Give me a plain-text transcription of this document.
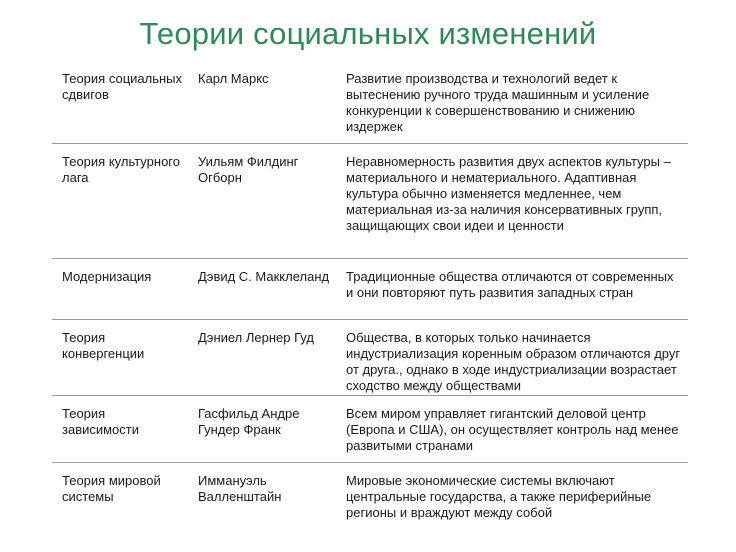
Теории социальных изменений
Теория социальных сдвигов	Карл Маркс	Развитие производства и технологий ведет к вытеснению ручного труда машинным и усиление конкуренции к совершенствованию и снижению издержек

Теория культурного лага	Уильям Филдинг Огборн	Неравномерность развития двух аспектов культуры – материального и нематериального. Адаптивная культура обычно изменяется медленнее, чем материальная из-за наличия консервативных групп, защищающих свои идеи и ценности

Модернизация	Дэвид С. Макклеланд	Традиционные общества отличаются от современных и они повторяют путь развития западных стран

Теория конвергенции	Дэниел Лернер Гуд	Общества, в которых только начинается индустриализация коренным образом отличаются друг от друга., однако в ходе индустриализации возрастает сходство между обществами

Теория зависимости	Гасфильд Андре Гундер Франк	Всем миром управляет гигантский деловой центр (Европа и США), он осуществляет контроль над менее развитыми странами

Теория мировой системы	Иммануэль Валленштайн	Мировые экономические системы включают центральные государства, а также периферийные регионы и враждуют между собой
